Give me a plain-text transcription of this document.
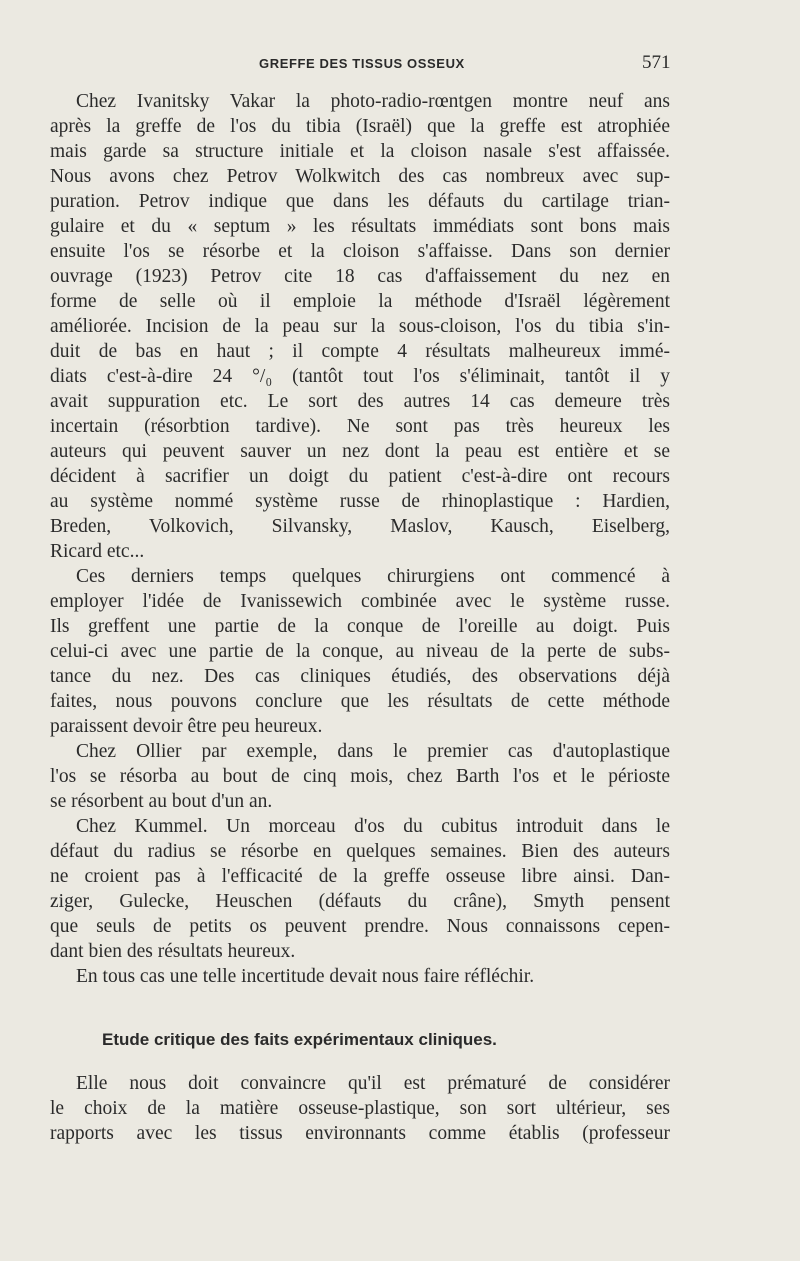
GREFFE DES TISSUS OSSEUX	571
Chez Ivanitsky Vakar la photo-radio-rœntgen montre neuf ans
après la greffe de l'os du tibia (Israël) que la greffe est atrophiée
mais garde sa structure initiale et la cloison nasale s'est affaissée.
Nous avons chez Petrov Wolkwitch des cas nombreux avec sup-
puration. Petrov indique que dans les défauts du cartilage trian-
gulaire et du « septum » les résultats immédiats sont bons mais
ensuite l'os se résorbe et la cloison s'affaisse. Dans son dernier
ouvrage (1923) Petrov cite 18 cas d'affaissement du nez en
forme de selle où il emploie la méthode d'Israël légèrement
améliorée. Incision de la peau sur la sous-cloison, l'os du tibia s'in-
duit de bas en haut ; il compte 4 résultats malheureux immé-
diats c'est-à-dire 24 °/₀ (tantôt tout l'os s'éliminait, tantôt il y
avait suppuration etc. Le sort des autres 14 cas demeure très
incertain (résorbtion tardive). Ne sont pas très heureux les
auteurs qui peuvent sauver un nez dont la peau est entière et se
décident à sacrifier un doigt du patient c'est-à-dire ont recours
au système nommé système russe de rhinoplastique : Hardien,
Breden, Volkovich, Silvansky, Maslov, Kausch, Eiselberg,
Ricard etc...
Ces derniers temps quelques chirurgiens ont commencé à
employer l'idée de Ivanissewich combinée avec le système russe.
Ils greffent une partie de la conque de l'oreille au doigt. Puis
celui-ci avec une partie de la conque, au niveau de la perte de subs-
tance du nez. Des cas cliniques étudiés, des observations déjà
faites, nous pouvons conclure que les résultats de cette méthode
paraissent devoir être peu heureux.
Chez Ollier par exemple, dans le premier cas d'autoplastique
l'os se résorba au bout de cinq mois, chez Barth l'os et le périoste
se résorbent au bout d'un an.
Chez Kummel. Un morceau d'os du cubitus introduit dans le
défaut du radius se résorbe en quelques semaines. Bien des auteurs
ne croient pas à l'efficacité de la greffe osseuse libre ainsi. Dan-
ziger, Gulecke, Heuschen (défauts du crâne), Smyth pensent
que seuls de petits os peuvent prendre. Nous connaissons cepen-
dant bien des résultats heureux.
En tous cas une telle incertitude devait nous faire réfléchir.
Etude critique des faits expérimentaux cliniques.
Elle nous doit convaincre qu'il est prématuré de considérer
le choix de la matière osseuse-plastique, son sort ultérieur, ses
rapports avec les tissus environnants comme établis (professeur
